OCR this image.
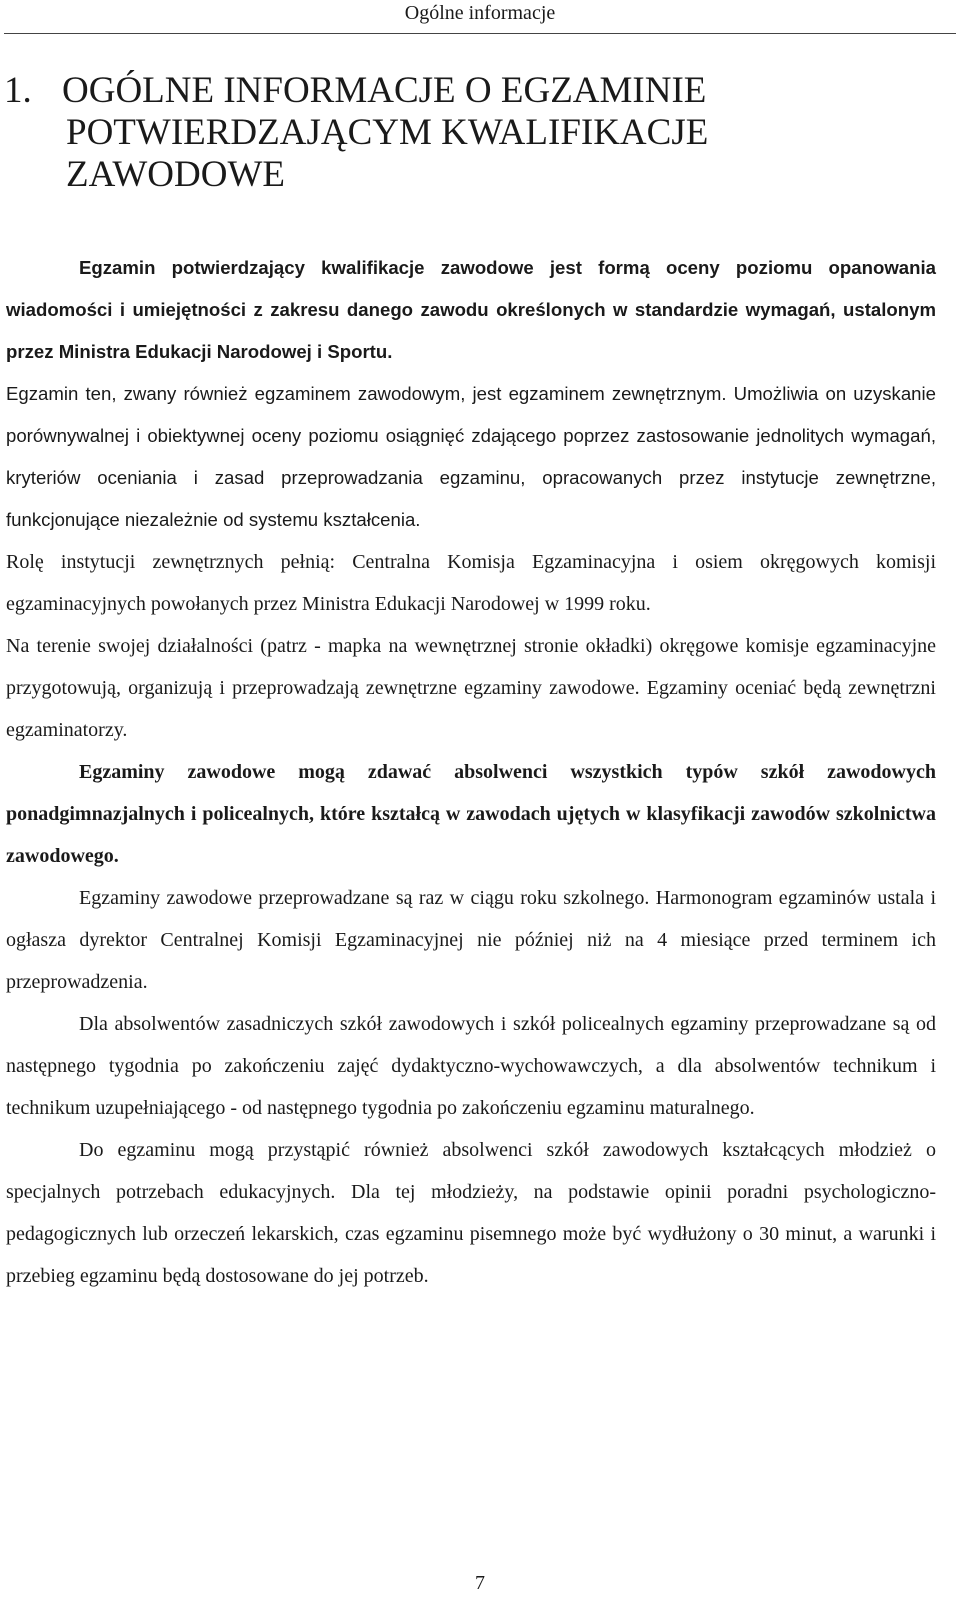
Ogólne informacje
1. OGÓLNE INFORMACJE O EGZAMINIE
POTWIERDZAJĄCYM KWALIFIKACJE
ZAWODOWE

Egzamin potwierdzający kwalifikacje zawodowe jest formą oceny poziomu opanowania wiadomości i umiejętności z zakresu danego zawodu określonych w standardzie wymagań, ustalonym przez Ministra Edukacji Narodowej i Sportu.

Egzamin ten, zwany również egzaminem zawodowym, jest egzaminem zewnętrznym. Umożliwia on uzyskanie porównywalnej i obiektywnej oceny poziomu osiągnięć zdającego poprzez zastosowanie jednolitych wymagań, kryteriów oceniania i zasad przeprowadzania egzaminu, opracowanych przez instytucje zewnętrzne, funkcjonujące niezależnie od systemu kształcenia.

Rolę instytucji zewnętrznych pełnią: Centralna Komisja Egzaminacyjna i osiem okręgowych komisji egzaminacyjnych powołanych przez Ministra Edukacji Narodowej w 1999 roku.

Na terenie swojej działalności (patrz - mapka na wewnętrznej stronie okładki) okręgowe komisje egzaminacyjne przygotowują, organizują i przeprowadzają zewnętrzne egzaminy zawodowe. Egzaminy oceniać będą zewnętrzni egzaminatorzy.

Egzaminy zawodowe mogą zdawać absolwenci wszystkich typów szkół zawodowych ponadgimnazjalnych i policealnych, które kształcą w zawodach ujętych w klasyfikacji zawodów szkolnictwa zawodowego.

Egzaminy zawodowe przeprowadzane są raz w ciągu roku szkolnego. Harmonogram egzaminów ustala i ogłasza dyrektor Centralnej Komisji Egzaminacyjnej nie później niż na 4 miesiące przed terminem ich przeprowadzenia.

Dla absolwentów zasadniczych szkół zawodowych i szkół policealnych egzaminy przeprowadzane są od następnego tygodnia po zakończeniu zajęć dydaktyczno-wychowawczych, a dla absolwentów technikum i technikum uzupełniającego - od następnego tygodnia po zakończeniu egzaminu maturalnego.

Do egzaminu mogą przystąpić również absolwenci szkół zawodowych kształcących młodzież o specjalnych potrzebach edukacyjnych. Dla tej młodzieży, na podstawie opinii poradni psychologiczno-pedagogicznych lub orzeczeń lekarskich, czas egzaminu pisemnego może być wydłużony o 30 minut, a warunki i przebieg egzaminu będą dostosowane do jej potrzeb.

7
